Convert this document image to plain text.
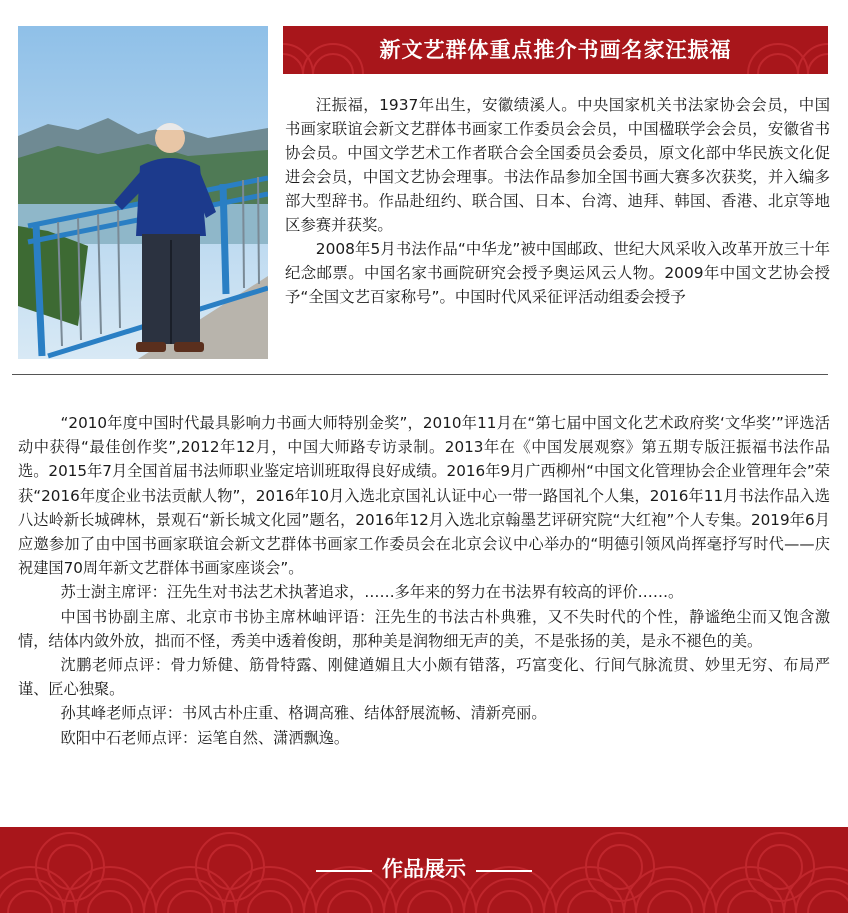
新文艺群体重点推介书画名家汪振福

汪振福，1937年出生，安徽绩溪人。中央国家机关书法家协会会员，中国书画家联谊会新文艺群体书画家工作委员会会员，中国楹联学会会员，安徽省书协会员。中国文学艺术工作者联合会全国委员会委员，原文化部中华民族文化促进会会员，中国文艺协会理事。书法作品参加全国书画大赛多次获奖，并入编多部大型辞书。作品赴纽约、联合国、日本、台湾、迪拜、韩国、香港、北京等地区参赛并获奖。

2008年5月书法作品“中华龙”被中国邮政、世纪大风采收入改革开放三十年纪念邮票。中国名家书画院研究会授予奥运风云人物。2009年中国文艺协会授予“全国文艺百家称号”。中国时代风采征评活动组委会授予

“2010年度中国时代最具影响力书画大师特别金奖”，2010年11月在“第七届中国文化艺术政府奖‘文华奖’”评选活动中获得“最佳创作奖”,2012年12月，中国大师路专访录制。2013年在《中国发展观察》第五期专版汪振福书法作品选。2015年7月全国首届书法师职业鉴定培训班取得良好成绩。2016年9月广西柳州“中国文化管理协会企业管理年会”荣获“2016年度企业书法贡献人物”，2016年10月入选北京国礼认证中心一带一路国礼个人集，2016年11月书法作品入选八达岭新长城碑林，景观石“新长城文化园”题名，2016年12月入选北京翰墨艺评研究院“大红袍”个人专集。2019年6月应邀参加了由中国书画家联谊会新文艺群体书画家工作委员会在北京会议中心举办的“明德引领风尚挥毫抒写时代——庆祝建国70周年新文艺群体书画家座谈会”。

苏士澍主席评：汪先生对书法艺术执著追求，……多年来的努力在书法界有较高的评价……。

中国书协副主席、北京市书协主席林岫评语：汪先生的书法古朴典雅，又不失时代的个性，静谧绝尘而又饱含激情，结体内敛外放，拙而不怪，秀美中透着俊朗，那种美是润物细无声的美，不是张扬的美，是永不褪色的美。

沈鹏老师点评：骨力矫健、筋骨特露、刚健遒媚且大小颇有错落，巧富变化、行间气脉流贯、妙里无穷、布局严谨、匠心独聚。

孙其峰老师点评：书风古朴庄重、格调高雅、结体舒展流畅、清新亮丽。

欧阳中石老师点评：运笔自然、潇洒飘逸。

作品展示
